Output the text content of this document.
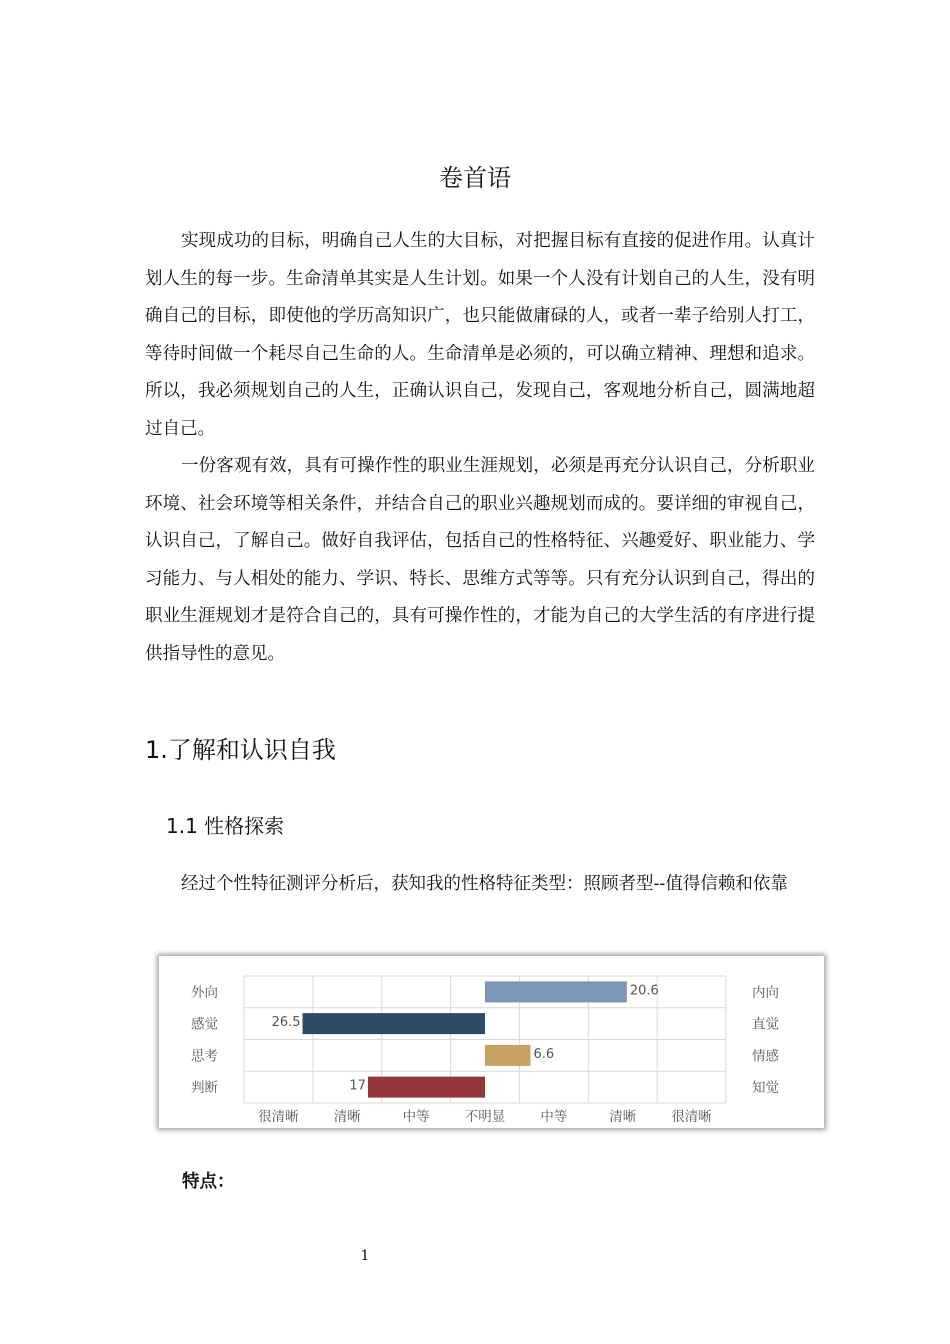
卷首语

实现成功的目标，明确自己人生的大目标，对把握目标有直接的促进作用。认真计划人生的每一步。生命清单其实是人生计划。如果一个人没有计划自己的人生，没有明确自己的目标，即使他的学历高知识广，也只能做庸碌的人，或者一辈子给别人打工，等待时间做一个耗尽自己生命的人。生命清单是必须的，可以确立精神、理想和追求。所以，我必须规划自己的人生，正确认识自己，发现自己，客观地分析自己，圆满地超过自己。

一份客观有效，具有可操作性的职业生涯规划，必须是再充分认识自己，分析职业环境、社会环境等相关条件，并结合自己的职业兴趣规划而成的。要详细的审视自己，认识自己，了解自己。做好自我评估，包括自己的性格特征、兴趣爱好、职业能力、学习能力、与人相处的能力、学识、特长、思维方式等等。只有充分认识到自己，得出的职业生涯规划才是符合自己的，具有可操作性的，才能为自己的大学生活的有序进行提供指导性的意见。

1.了解和认识自我
1.1 性格探索

经过个性特征测评分析后，获知我的性格特征类型：照顾者型--值得信赖和依靠

20.6
外向	内向
26.5
感觉	直觉
6.6
思考	情感
17
判断	知觉
很清晰	清晰	中等	不明显	中等	清晰	很清晰
特点：
1
